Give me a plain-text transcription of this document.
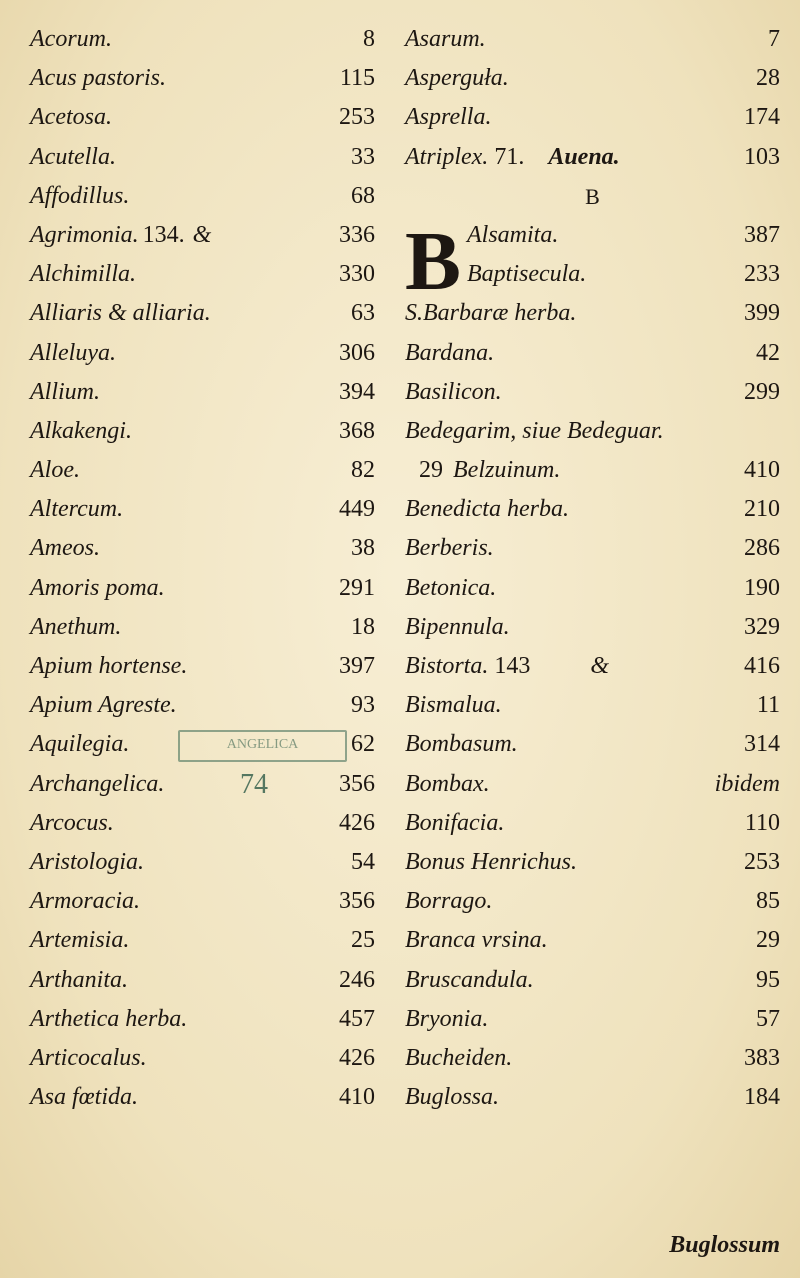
Acorum.	8
Acus pastoris.	115
Acetosa.	253
Acutella.	33
Affodillus.	68
Agrimonia. 134. &	336
Alchimilla.	330
Alliaris & alliaria.	63
Alleluya.	306
Allium.	394
Alkakengi.	368
Aloe.	82
Altercum.	449
Ameos.	38
Amoris poma.	291
Anethum.	18
Apium hortense.	397
Apium Agreste.	93
Aquilegia.	62
ANGELICA
Archangelica.	356
74
Arcocus.	426
Aristologia.	54
Armoracia.	356
Artemisia.	25
Arthanita.	246
Arthetica herba.	457
Articocalus.	426
Asa fœtida.	410
Asarum.	7
Asperguła.	28
Asprella.	174
Atriplex. 71. Auena.	103
B
B Alsamita.	387
Baptisecula.	233
S.Barbaræ herba.	399
Bardana.	42
Basilicon.	299
Bedegarim, siue Bedeguar.
29 Belzuinum.	410
Benedicta herba.	210
Berberis.	286
Betonica.	190
Bipennula.	329
Bistorta. 143	&	416
Bismalua.	11
Bombasum.	314
Bombax.	ibidem
Bonifacia.	110
Bonus Henrichus.	253
Borrago.	85
Branca vrsina.	29
Bruscandula.	95
Bryonia.	57
Bucheiden.	383
Buglossa.	184
Buglossum
